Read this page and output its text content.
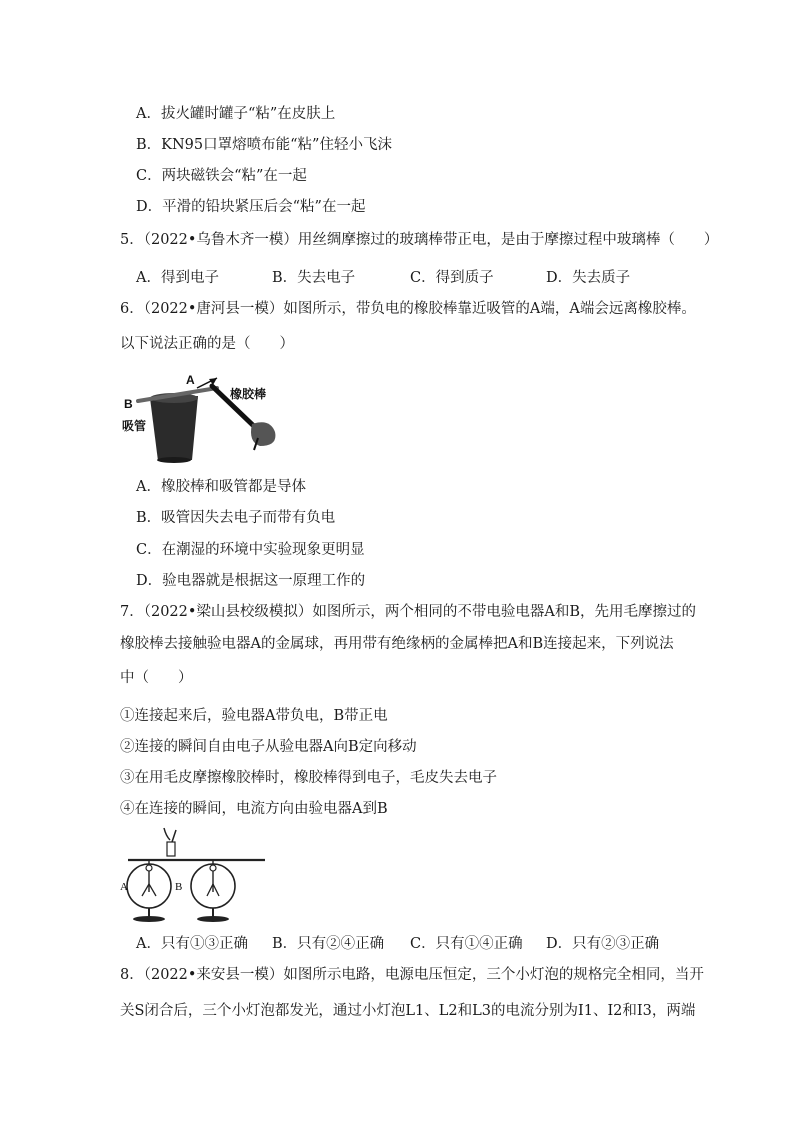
A．拔火罐时罐子“粘”在皮肤上
B．KN95口罩熔喷布能“粘”住轻小飞沫
C．两块磁铁会“粘”在一起
D．平滑的铅块紧压后会“粘”在一起
5．（2022•乌鲁木齐一模）用丝绸摩擦过的玻璃棒带正电，是由于摩擦过程中玻璃棒（　　）
A．得到电子	B．失去电子	C．得到质子	D．失去质子
6．（2022•唐河县一模）如图所示，带负电的橡胶棒靠近吸管的A端，A端会远离橡胶棒。
以下说法正确的是（　　）
B
吸管
A
橡胶棒
A．橡胶棒和吸管都是导体
B．吸管因失去电子而带有负电
C．在潮湿的环境中实验现象更明显
D．验电器就是根据这一原理工作的
7．（2022•梁山县校级模拟）如图所示，两个相同的不带电验电器A和B，先用毛摩擦过的
橡胶棒去接触验电器A的金属球，再用带有绝缘柄的金属棒把A和B连接起来，下列说法
中（　　）
①连接起来后，验电器A带负电，B带正电
②连接的瞬间自由电子从验电器A向B定向移动
③在用毛皮摩擦橡胶棒时，橡胶棒得到电子，毛皮失去电子
④在连接的瞬间，电流方向由验电器A到B
A	B
A．只有①③正确 B．只有②④正确 C．只有①④正确 D．只有②③正确
8．（2022•来安县一模）如图所示电路，电源电压恒定，三个小灯泡的规格完全相同，当开
关S闭合后，三个小灯泡都发光，通过小灯泡L1、L2和L3的电流分别为I1、I2和I3，两端
